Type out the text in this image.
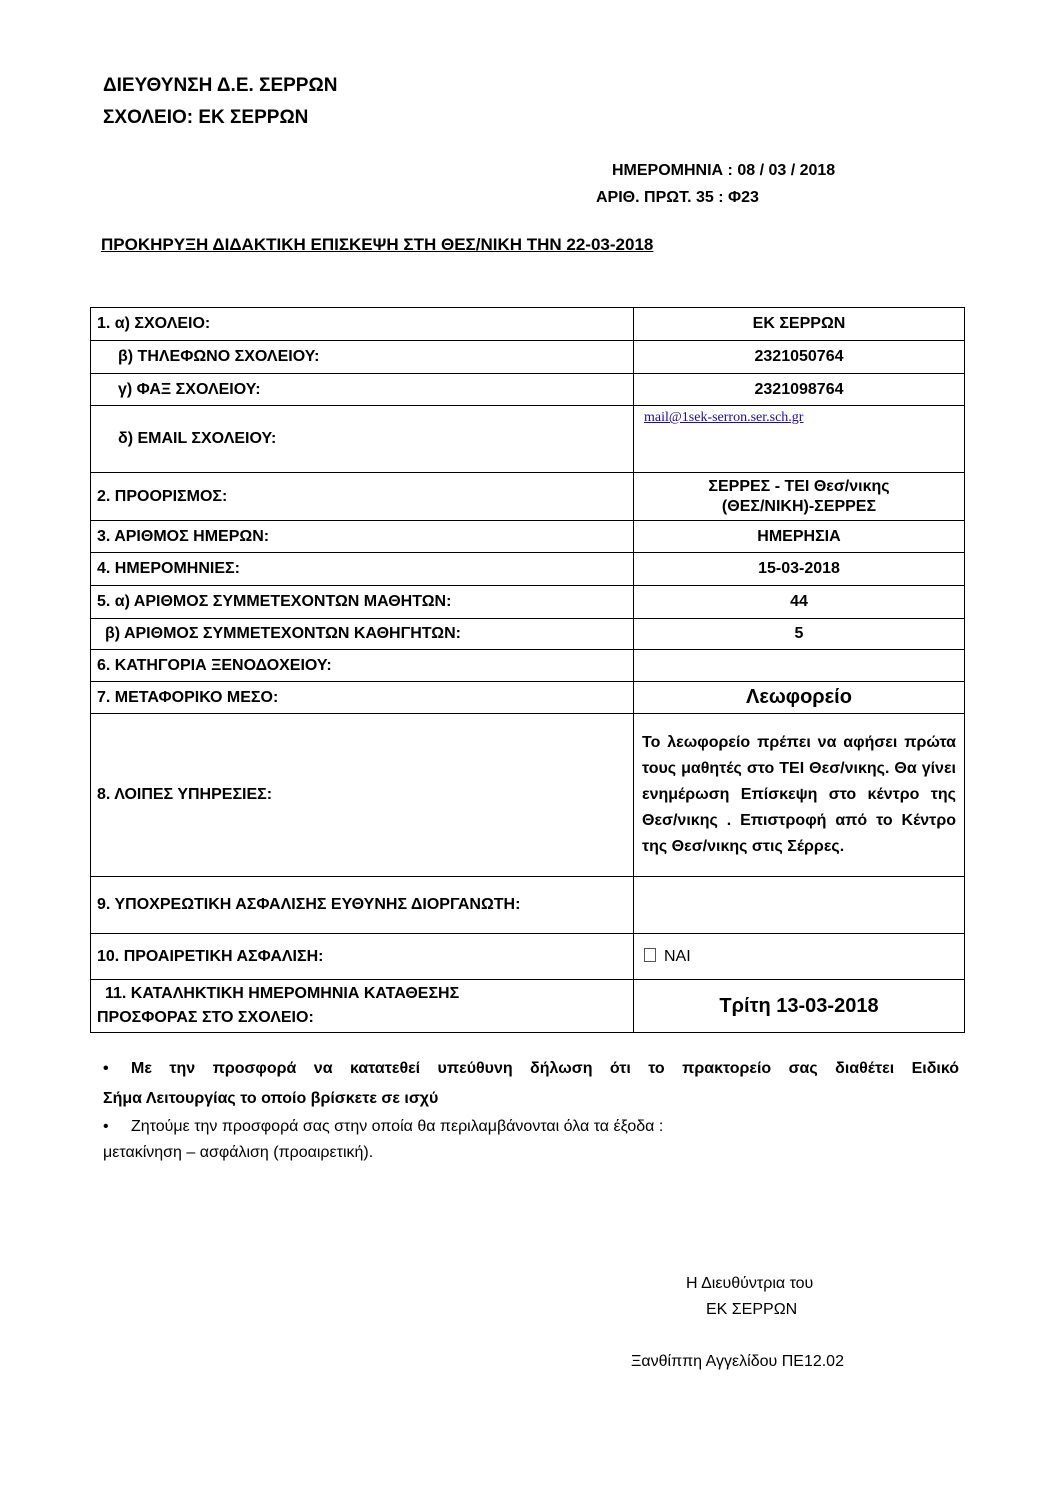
ΔΙΕΥΘΥΝΣΗ Δ.Ε. ΣΕΡΡΩΝ
ΣΧΟΛΕΙΟ: ΕΚ ΣΕΡΡΩΝ
ΗΜΕΡΟΜΗΝΙΑ : 08 / 03 / 2018
ΑΡΙΘ. ΠΡΩΤ. 35 : Φ23
ΠΡΟΚΗΡΥΞΗ ΔΙΔΑΚΤΙΚΗ ΕΠΙΣΚΕΨΗ ΣΤΗ ΘΕΣ/ΝΙΚΗ ΤΗΝ 22-03-2018
1. α) ΣΧΟΛΕΙΟ:	ΕΚ ΣΕΡΡΩΝ
β) ΤΗΛΕΦΩΝΟ ΣΧΟΛΕΙΟΥ:	2321050764
γ) ΦΑΞ ΣΧΟΛΕΙΟΥ:	2321098764
δ) EMAIL ΣΧΟΛΕΙΟΥ:	mail@1sek-serron.ser.sch.gr
2. ΠΡΟΟΡΙΣΜΟΣ:	ΣΕΡΡΕΣ - ΤΕΙ Θεσ/νικης
(ΘΕΣ/ΝΙΚΗ)-ΣΕΡΡΕΣ

3. ΑΡΙΘΜΟΣ ΗΜΕΡΩΝ:	ΗΜΕΡΗΣΙΑ
4. ΗΜΕΡΟΜΗΝΙΕΣ:	15-03-2018
5. α) ΑΡΙΘΜΟΣ ΣΥΜΜΕΤΕΧΟΝΤΩΝ ΜΑΘΗΤΩΝ:	44
β) ΑΡΙΘΜΟΣ ΣΥΜΜΕΤΕΧΟΝΤΩΝ ΚΑΘΗΓΗΤΩΝ:	5
6. ΚΑΤΗΓΟΡΙΑ ΞΕΝΟΔΟΧΕΙΟΥ:	
7. ΜΕΤΑΦΟΡΙΚΟ ΜΕΣΟ:	Λεωφορείο
8. ΛΟΙΠΕΣ ΥΠΗΡΕΣΙΕΣ:	Το λεωφορείο πρέπει να αφήσει πρώτα τους μαθητές στο ΤΕΙ Θεσ/νικης. Θα γίνει ενημέρωση Επίσκεψη στο κέντρο της Θεσ/νικης . Επιστροφή από το Κέντρο της Θεσ/νικης στις Σέρρες.

9. ΥΠΟΧΡΕΩΤΙΚΗ ΑΣΦΑΛΙΣΗΣ ΕΥΘΥΝΗΣ ΔΙΟΡΓΑΝΩΤΗ:	
10. ΠΡΟΑΙΡΕΤΙΚΗ ΑΣΦΑΛΙΣΗ:	ΝΑΙ

11. ΚΑΤΑΛΗΚΤΙΚΗ ΗΜΕΡΟΜΗΝΙΑ ΚΑΤΑΘΕΣΗΣ
ΠΡΟΣΦΟΡΑΣ ΣΤΟ ΣΧΟΛΕΙΟ:	Τρίτη 13-03-2018
• Με την προσφορά να κατατεθεί υπεύθυνη δήλωση ότι το πρακτορείο σας διαθέτει Ειδικό
Σήμα Λειτουργίας το οποίο βρίσκετε σε ισχύ
• Ζητούμε την προσφορά σας στην οποία θα περιλαμβάνονται όλα τα έξοδα :
μετακίνηση – ασφάλιση (προαιρετική).
Η Διευθύντρια του
ΕΚ ΣΕΡΡΩΝ
Ξανθίππη Αγγελίδου ΠΕ12.02
